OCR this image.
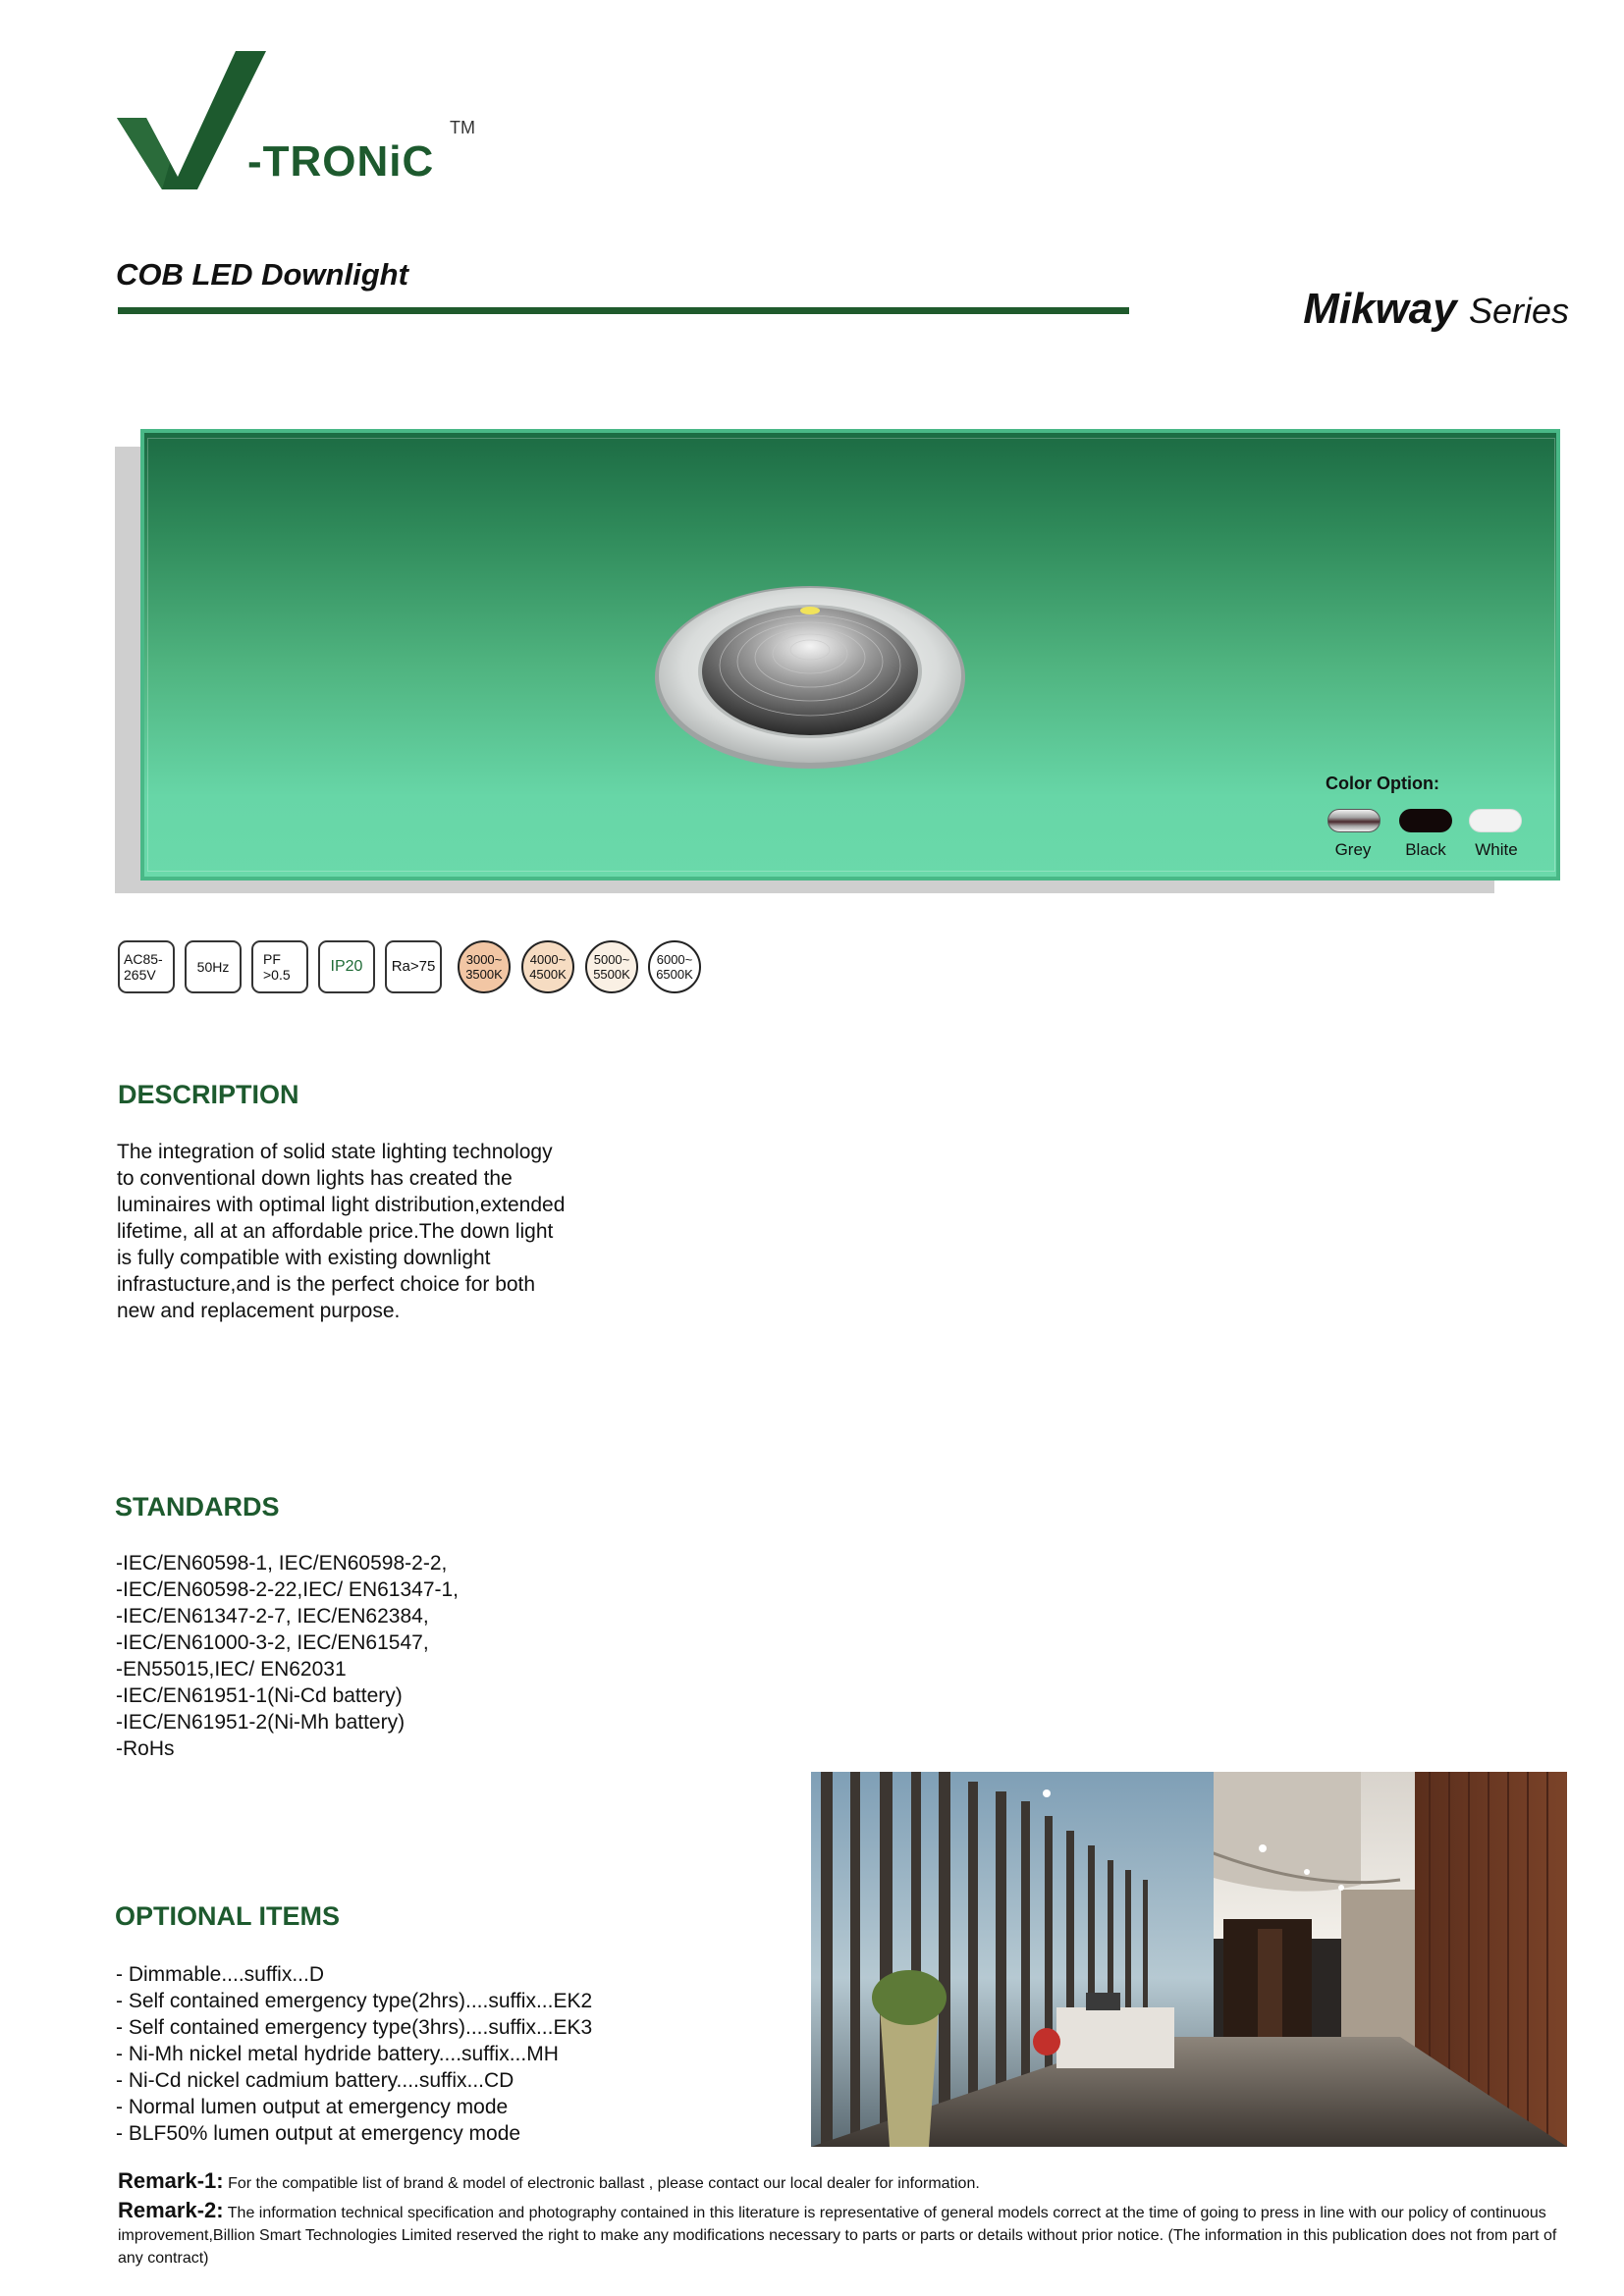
-TRONiC
TM
COB LED Downlight
Mikway Series
Color Option:
Grey	Black	White
AC85-
265V	50Hz PF
>0.5	IP20 Ra>75 3000~
3500K
4000~
4500K
5000~
5500K
6000~
6500K
DESCRIPTION
The integration of solid state lighting technology
to conventional down lights has created the
luminaires with optimal light distribution,extended
lifetime, all at an affordable price.The down light
is fully compatible with existing downlight
infrastucture,and is the perfect choice for both
new and replacement purpose.
STANDARDS
-IEC/EN60598-1, IEC/EN60598-2-2,
-IEC/EN60598-2-22,IEC/ EN61347-1,
-IEC/EN61347-2-7, IEC/EN62384,
-IEC/EN61000-3-2, IEC/EN61547,
-EN55015,IEC/ EN62031
-IEC/EN61951-1(Ni-Cd battery)
-IEC/EN61951-2(Ni-Mh battery)
-RoHs
OPTIONAL ITEMS
- Dimmable....suffix...D
- Self contained emergency type(2hrs)....suffix...EK2
- Self contained emergency type(3hrs)....suffix...EK3
- Ni-Mh nickel metal hydride battery....suffix...MH
- Ni-Cd nickel cadmium battery....suffix...CD
- Normal lumen output at emergency mode
- BLF50% lumen output at emergency mode
Remark-1: For the compatible list of brand & model of electronic ballast , please contact our local dealer for information.
Remark-2: The information technical specification and photography contained in this literature is representative of general models correct at the time of going to press in line with our policy of continuous improvement,Billion Smart Technologies Limited reserved the right to make any modifications necessary to parts or parts or details without prior notice. (The information in this publication does not from part of any contract)
